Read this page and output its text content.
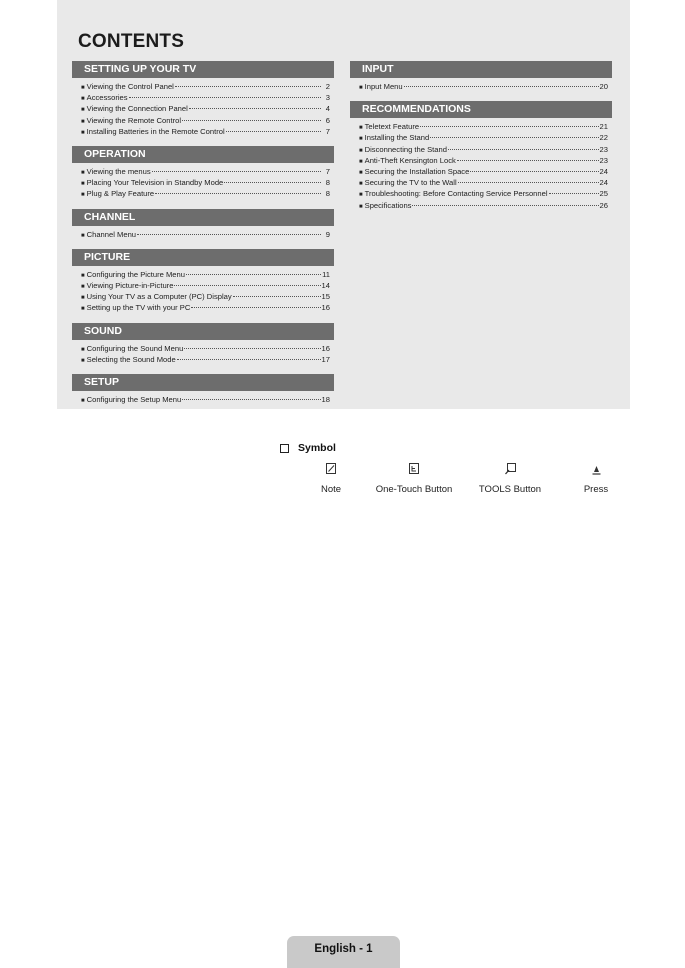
CONTENTS
SETTING UP YOUR TV
■ Viewing the Control Panel	2
■ Accessories	3
■ Viewing the Connection Panel	4
■ Viewing the Remote Control	6
■ Installing Batteries in the Remote Control	7
OPERATION
■ Viewing the menus	7
■ Placing Your Television in Standby Mode	8
■ Plug & Play Feature	8
CHANNEL
■ Channel Menu	9
PICTURE
■ Configuring the Picture Menu	11
■ Viewing Picture-in-Picture	14
■ Using Your TV as a Computer (PC) Display	15
■ Setting up the TV with your PC	16
SOUND
■ Configuring the Sound Menu	16
■ Selecting the Sound Mode	17
SETUP
■ Configuring the Setup Menu	18
INPUT
■ Input Menu	20
RECOMMENDATIONS
■ Teletext Feature	21
■ Installing the Stand	22
■ Disconnecting the Stand	23
■ Anti-Theft Kensington Lock	23
■ Securing the Installation Space	24
■ Securing the TV to the Wall	24
■ Troubleshooting: Before Contacting Service Personnel	25
■ Specifications	26
Symbol
Note	One-Touch Button	TOOLS Button	Press
English - 1
